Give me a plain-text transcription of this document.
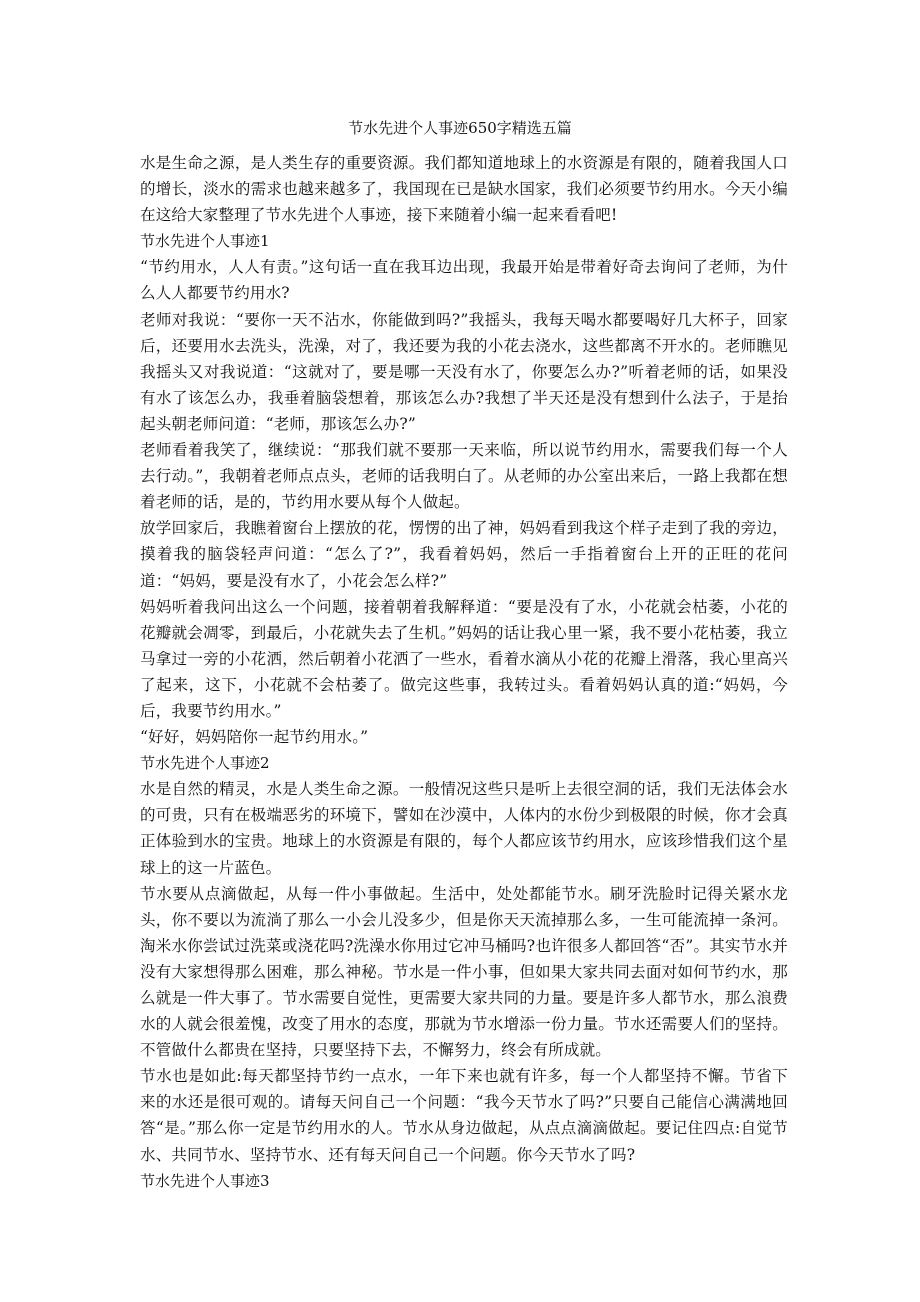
节水先进个人事迹650字精选五篇

水是生命之源，是人类生存的重要资源。我们都知道地球上的水资源是有限的，随着我国人口的增长，淡水的需求也越来越多了，我国现在已是缺水国家，我们必须要节约用水。今天小编在这给大家整理了节水先进个人事迹，接下来随着小编一起来看看吧!

节水先进个人事迹1

“节约用水，人人有责。”这句话一直在我耳边出现，我最开始是带着好奇去询问了老师，为什么人人都要节约用水?

老师对我说：“要你一天不沾水，你能做到吗?”我摇头，我每天喝水都要喝好几大杯子，回家后，还要用水去洗头，洗澡，对了，我还要为我的小花去浇水，这些都离不开水的。老师瞧见我摇头又对我说道：“这就对了，要是哪一天没有水了，你要怎么办?”听着老师的话，如果没有水了该怎么办，我垂着脑袋想着，那该怎么办?我想了半天还是没有想到什么法子，于是抬起头朝老师问道：“老师，那该怎么办?”

老师看着我笑了，继续说：“那我们就不要那一天来临，所以说节约用水，需要我们每一个人去行动。”，我朝着老师点点头，老师的话我明白了。从老师的办公室出来后，一路上我都在想着老师的话，是的，节约用水要从每个人做起。

放学回家后，我瞧着窗台上摆放的花，愣愣的出了神，妈妈看到我这个样子走到了我的旁边，摸着我的脑袋轻声问道：“怎么了?”，我看着妈妈，然后一手指着窗台上开的正旺的花问道：“妈妈，要是没有水了，小花会怎么样?”

妈妈听着我问出这么一个问题，接着朝着我解释道：“要是没有了水，小花就会枯萎，小花的花瓣就会凋零，到最后，小花就失去了生机。”妈妈的话让我心里一紧，我不要小花枯萎，我立马拿过一旁的小花洒，然后朝着小花洒了一些水，看着水滴从小花的花瓣上滑落，我心里高兴了起来，这下，小花就不会枯萎了。做完这些事，我转过头。看着妈妈认真的道:“妈妈，今后，我要节约用水。”

“好好，妈妈陪你一起节约用水。”

节水先进个人事迹2

水是自然的精灵，水是人类生命之源。一般情况这些只是听上去很空洞的话，我们无法体会水的可贵，只有在极端恶劣的环境下，譬如在沙漠中，人体内的水份少到极限的时候，你才会真正体验到水的宝贵。地球上的水资源是有限的，每个人都应该节约用水，应该珍惜我们这个星球上的这一片蓝色。

节水要从点滴做起，从每一件小事做起。生活中，处处都能节水。刷牙洗脸时记得关紧水龙头，你不要以为流淌了那么一小会儿没多少，但是你天天流掉那么多，一生可能流掉一条河。淘米水你尝试过洗菜或浇花吗?洗澡水你用过它冲马桶吗?也许很多人都回答“否”。其实节水并没有大家想得那么困难，那么神秘。节水是一件小事，但如果大家共同去面对如何节约水，那么就是一件大事了。节水需要自觉性，更需要大家共同的力量。要是许多人都节水，那么浪费水的人就会很羞愧，改变了用水的态度，那就为节水增添一份力量。节水还需要人们的坚持。不管做什么都贵在坚持，只要坚持下去，不懈努力，终会有所成就。

节水也是如此:每天都坚持节约一点水，一年下来也就有许多，每一个人都坚持不懈。节省下来的水还是很可观的。请每天问自己一个问题：“我今天节水了吗?”只要自己能信心满满地回答“是。”那么你一定是节约用水的人。节水从身边做起，从点点滴滴做起。要记住四点:自觉节水、共同节水、坚持节水、还有每天问自己一个问题。你今天节水了吗?

节水先进个人事迹3
